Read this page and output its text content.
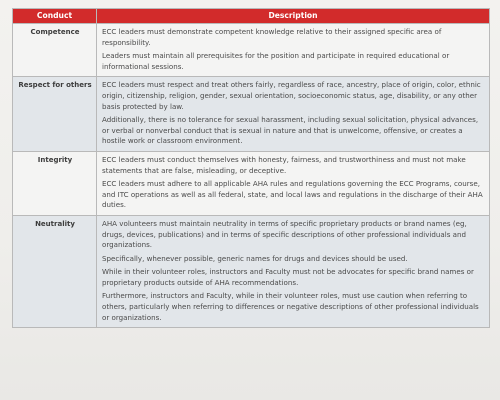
Conduct	Description
Competence	ECC leaders must demonstrate competent knowledge relative to their assigned specific area of responsibility.

Leaders must maintain all prerequisites for the position and participate in required educational or informational sessions.

Respect for others	ECC leaders must respect and treat others fairly, regardless of race, ancestry, place of origin, color, ethnic origin, citizenship, religion, gender, sexual orientation, socioeconomic status, age, disability, or any other basis protected by law.

Additionally, there is no tolerance for sexual harassment, including sexual solicitation, physical advances, or verbal or nonverbal conduct that is sexual in nature and that is unwelcome, offensive, or creates a hostile work or classroom environment.

Integrity	ECC leaders must conduct themselves with honesty, fairness, and trustworthiness and must not make statements that are false, misleading, or deceptive.

ECC leaders must adhere to all applicable AHA rules and regulations governing the ECC Programs, course, and ITC operations as well as all federal, state, and local laws and regulations in the discharge of their AHA duties.

Neutrality	AHA volunteers must maintain neutrality in terms of specific proprietary products or brand names (eg, drugs, devices, publications) and in terms of specific descriptions of other professional individuals and organizations.

Specifically, whenever possible, generic names for drugs and devices should be used.

While in their volunteer roles, instructors and Faculty must not be advocates for specific brand names or proprietary products outside of AHA recommendations.

Furthermore, instructors and Faculty, while in their volunteer roles, must use caution when referring to others, particularly when referring to differences or negative descriptions of other professional individuals or organizations.
